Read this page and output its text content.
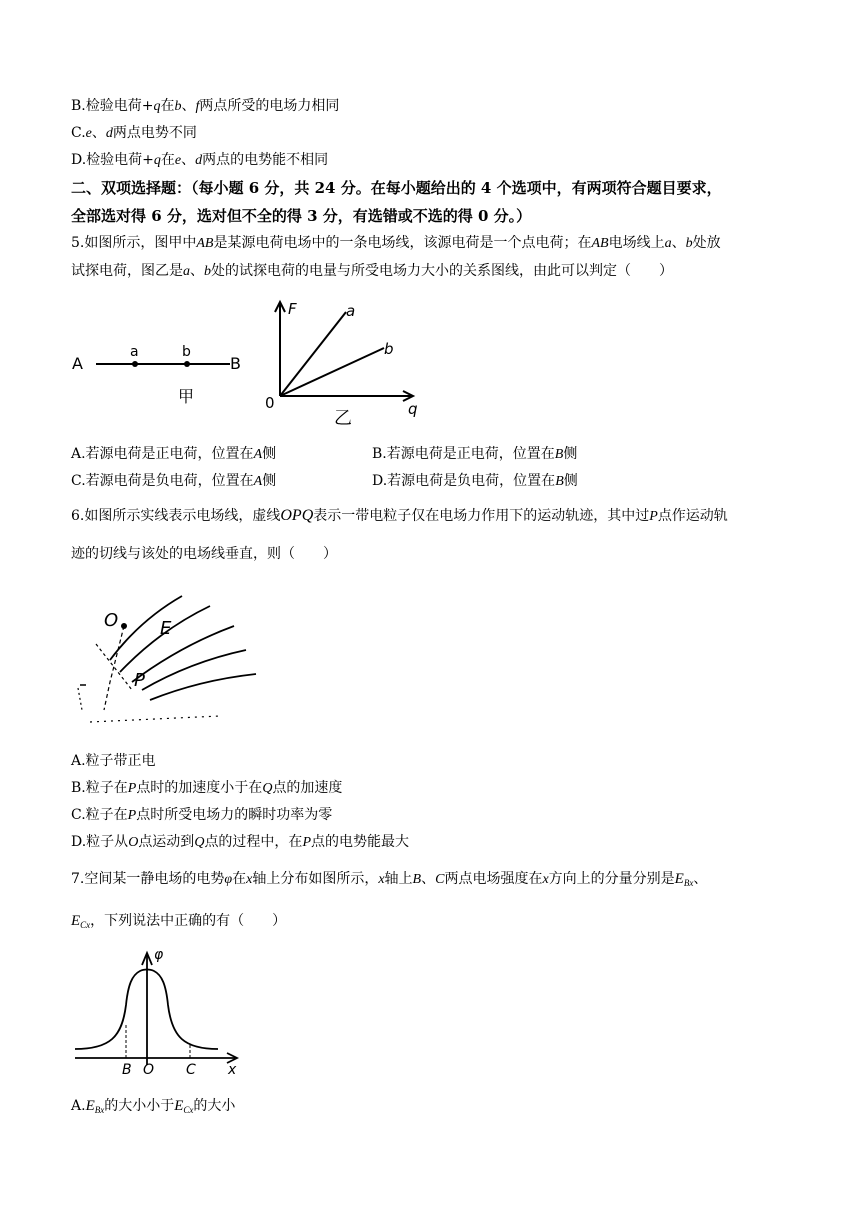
B.检验电荷+q在b、f两点所受的电场力相同
C.e、d两点电势不同
D.检验电荷+q在e、d两点的电势能不相同
二、双项选择题：（每小题 6 分，共 24 分。在每小题给出的 4 个选项中，有两项符合题目要求，
全部选对得 6 分，选对但不全的得 3 分，有选错或不选的得 0 分。）
5.如图所示，图甲中AB是某源电荷电场中的一条电场线，该源电荷是一个点电荷；在AB电场线上a、b处放
试探电荷，图乙是a、b处的试探电荷的电量与所受电场力大小的关系图线，由此可以判定（　　）
A
a	b
B
甲
F	a
b
0
乙	q
A.若源电荷是正电荷，位置在A侧	B.若源电荷是正电荷，位置在B侧
C.若源电荷是负电荷，位置在A侧	D.若源电荷是负电荷，位置在B侧
6.如图所示实线表示电场线，虚线OPQ表示一带电粒子仅在电场力作用下的运动轨迹，其中过P点作运动轨
迹的切线与该处的电场线垂直，则（　　）
O E
P
A.粒子带正电
B.粒子在P点时的加速度小于在Q点的加速度
C.粒子在P点时所受电场力的瞬时功率为零
D.粒子从O点运动到Q点的过程中，在P点的电势能最大
7.空间某一静电场的电势φ在x轴上分布如图所示，x轴上B、C两点电场强度在x方向上的分量分别是$E_{Bx}$、
$E_{Cx}$，下列说法中正确的有（　　）
φ
B O C x
$A.E_{Bx}$的大小小于$E_{Cx}$的大小
